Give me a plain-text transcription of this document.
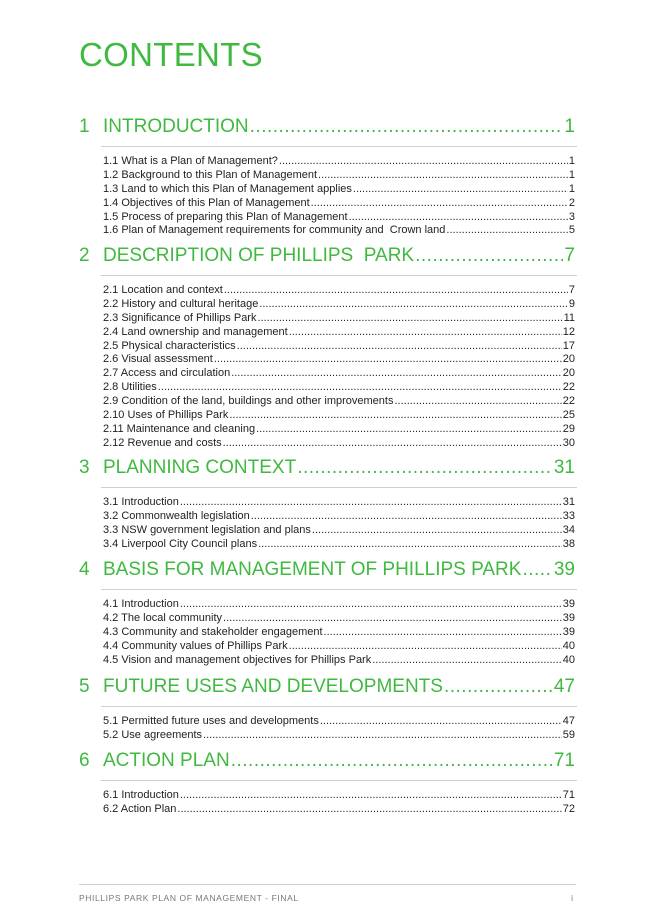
CONTENTS
1 INTRODUCTION .....	1
1.1 What is a Plan of Management? .....	1
1.2 Background to this Plan of Management .....	1
1.3 Land to which this Plan of Management applies .....	1
1.4 Objectives of this Plan of Management .....	2
1.5 Process of preparing this Plan of Management .....	3
1.6 Plan of Management requirements for community and  Crown land .....	5
2 DESCRIPTION OF PHILLIPS  PARK .....	7
2.1 Location and context .....	7
2.2 History and cultural heritage .....	9
2.3 Significance of Phillips Park .....	11
2.4 Land ownership and management .....	12
2.5 Physical characteristics .....	17
2.6 Visual assessment .....	20
2.7 Access and circulation .....	20
2.8 Utilities .....	22
2.9 Condition of the land, buildings and other improvements .....	22
2.10 Uses of Phillips Park .....	25
2.11 Maintenance and cleaning .....	29
2.12 Revenue and costs .....	30
3 PLANNING CONTEXT .....	31
3.1 Introduction .....	31
3.2 Commonwealth legislation .....	33
3.3 NSW government legislation and plans .....	34
3.4 Liverpool City Council plans .....	38
4 BASIS FOR MANAGEMENT OF PHILLIPS PARK ..... 39
4.1 Introduction .....	39
4.2 The local community .....	39
4.3 Community and stakeholder engagement .....	39
4.4 Community values of Phillips Park .....	40
4.5 Vision and management objectives for Phillips Park .....	40
5 FUTURE USES AND DEVELOPMENTS .....	47
5.1 Permitted future uses and developments .....	47
5.2 Use agreements .....	59
6 ACTION PLAN .....	71
6.1 Introduction .....	71
6.2 Action Plan .....	72
PHILLIPS PARK PLAN OF MANAGEMENT - FINAL	i
